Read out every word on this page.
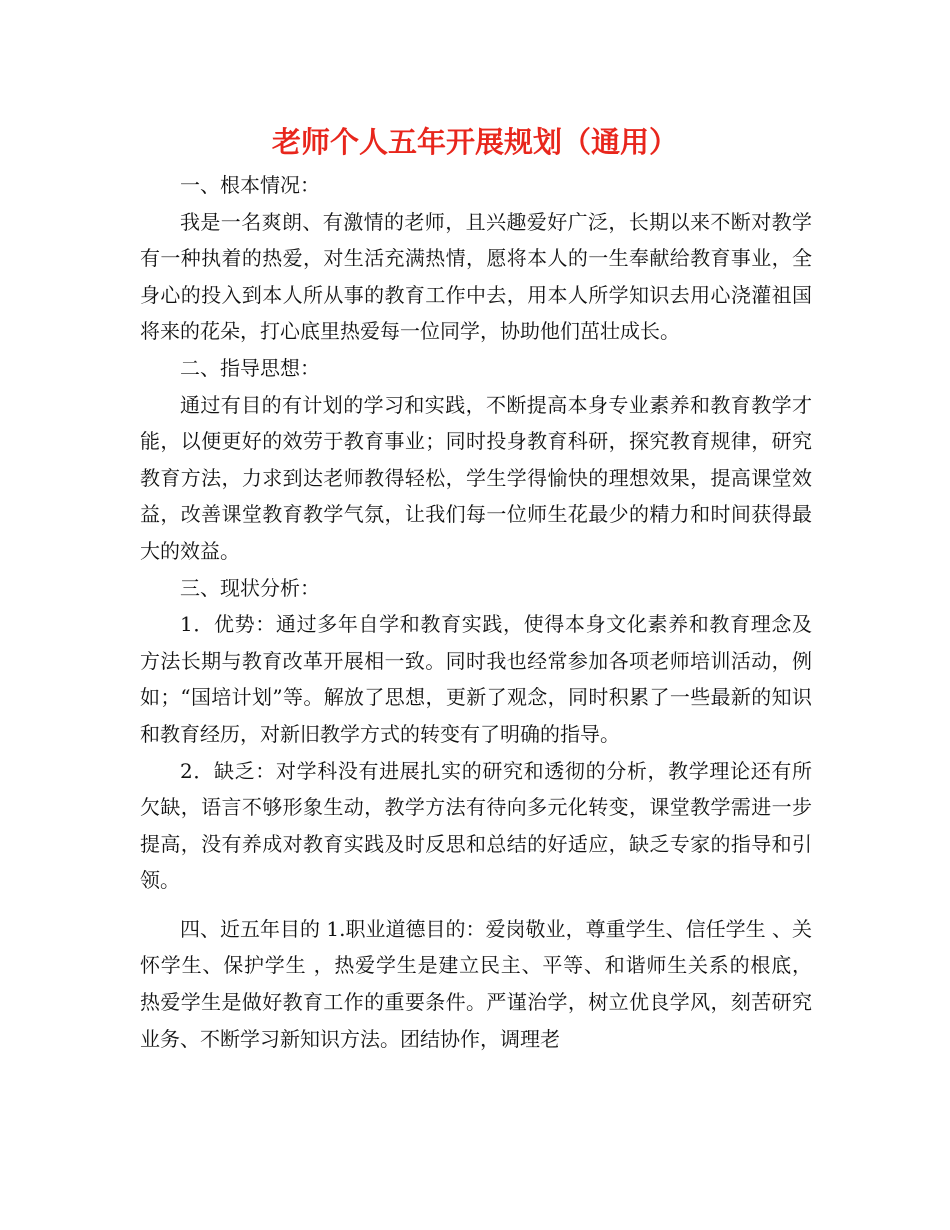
老师个人五年开展规划（通用）

一、根本情况：

我是一名爽朗、有激情的老师，且兴趣爱好广泛，长期以来不断对教学有一种执着的热爱，对生活充满热情，愿将本人的一生奉献给教育事业，全身心的投入到本人所从事的教育工作中去，用本人所学知识去用心浇灌祖国将来的花朵，打心底里热爱每一位同学，协助他们茁壮成长。

二、指导思想：

通过有目的有计划的学习和实践，不断提高本身专业素养和教育教学才能，以便更好的效劳于教育事业；同时投身教育科研，探究教育规律，研究教育方法，力求到达老师教得轻松，学生学得愉快的理想效果，提高课堂效益，改善课堂教育教学气氛，让我们每一位师生花最少的精力和时间获得最大的效益。

三、现状分析：

1．优势：通过多年自学和教育实践，使得本身文化素养和教育理念及方法长期与教育改革开展相一致。同时我也经常参加各项老师培训活动，例如；“国培计划”等。解放了思想，更新了观念，同时积累了一些最新的知识和教育经历，对新旧教学方式的转变有了明确的指导。

2．缺乏：对学科没有进展扎实的研究和透彻的分析，教学理论还有所欠缺，语言不够形象生动，教学方法有待向多元化转变，课堂教学需进一步提高，没有养成对教育实践及时反思和总结的好适应，缺乏专家的指导和引领。

四、近五年目的 1.职业道德目的：爱岗敬业，尊重学生、信任学生 、关怀学生、保护学生 ，热爱学生是建立民主、平等、和谐师生关系的根底， 热爱学生是做好教育工作的重要条件。严谨治学，树立优良学风，刻苦研究业务、不断学习新知识方法。团结协作，调理老
